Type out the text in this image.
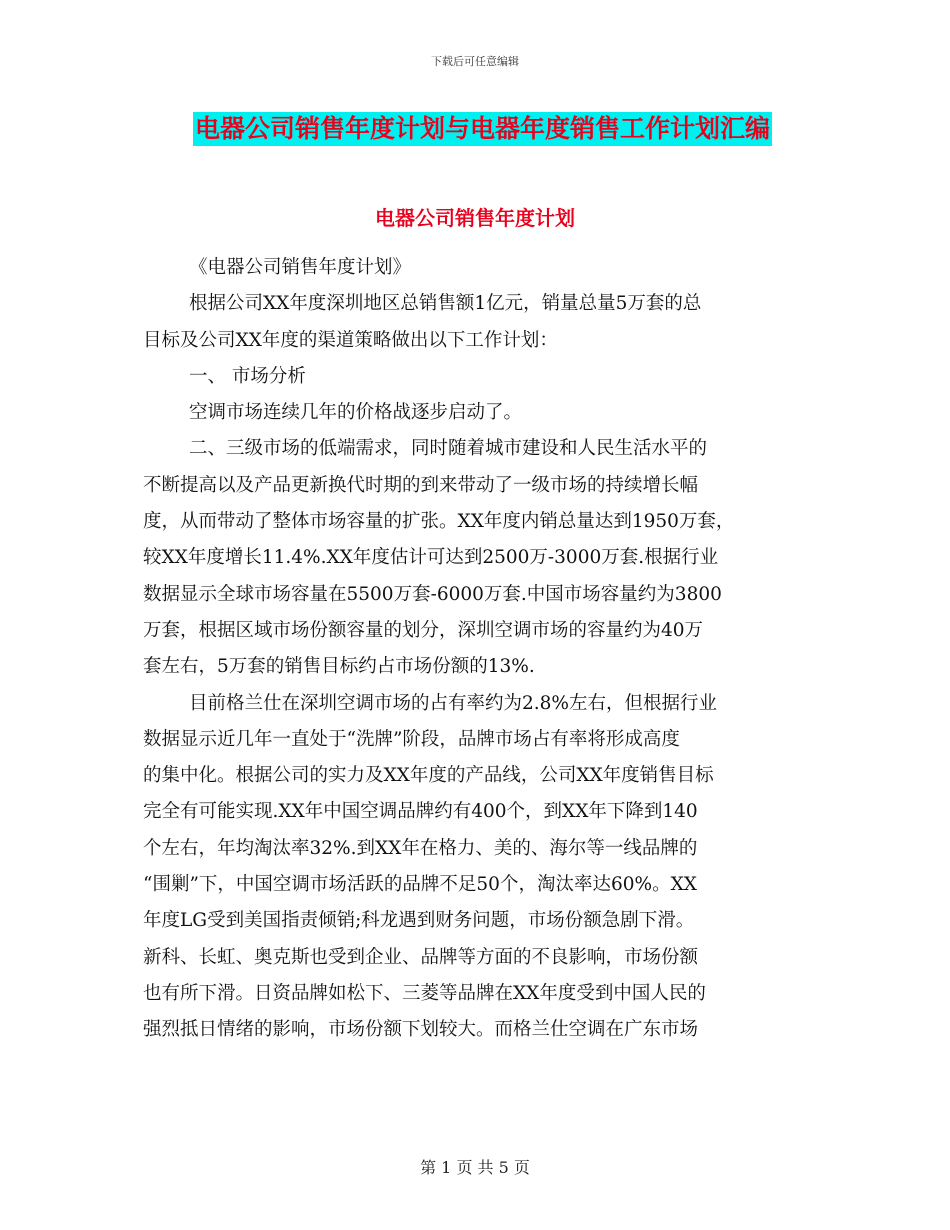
下载后可任意编辑
电器公司销售年度计划与电器年度销售工作计划汇编
电器公司销售年度计划
《电器公司销售年度计划》
根据公司XX年度深圳地区总销售额1亿元，销量总量5万套的总
目标及公司XX年度的渠道策略做出以下工作计划：
一、 市场分析
空调市场连续几年的价格战逐步启动了。
二、三级市场的低端需求，同时随着城市建设和人民生活水平的
不断提高以及产品更新换代时期的到来带动了一级市场的持续增长幅
度，从而带动了整体市场容量的扩张。XX年度内销总量达到1950万套，
较XX年度增长11.4%.XX年度估计可达到2500万-3000万套.根据行业
数据显示全球市场容量在5500万套-6000万套.中国市场容量约为3800
万套，根据区域市场份额容量的划分，深圳空调市场的容量约为40万
套左右，5万套的销售目标约占市场份额的13%.
目前格兰仕在深圳空调市场的占有率约为2.8%左右，但根据行业
数据显示近几年一直处于“洗牌”阶段，品牌市场占有率将形成高度
的集中化。根据公司的实力及XX年度的产品线，公司XX年度销售目标
完全有可能实现.XX年中国空调品牌约有400个，到XX年下降到140
个左右，年均淘汰率32%.到XX年在格力、美的、海尔等一线品牌的
“围剿”下，中国空调市场活跃的品牌不足50个，淘汰率达60%。XX
年度LG受到美国指责倾销;科龙遇到财务问题，市场份额急剧下滑。
新科、长虹、奥克斯也受到企业、品牌等方面的不良影响，市场份额
也有所下滑。日资品牌如松下、三菱等品牌在XX年度受到中国人民的
强烈抵日情绪的影响，市场份额下划较大。而格兰仕空调在广东市场
第 1 页 共 5 页
